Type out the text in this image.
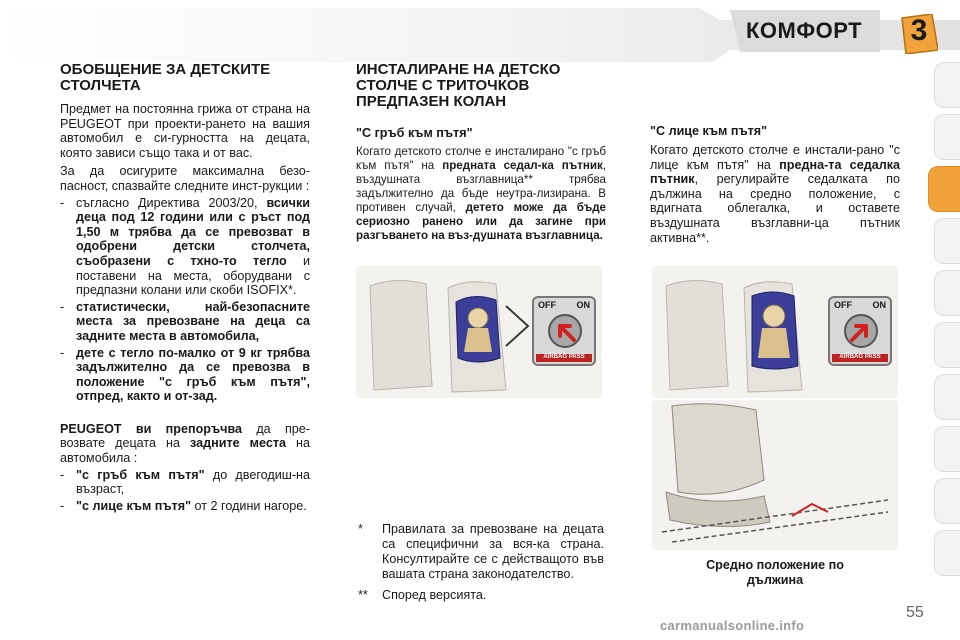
КОМФОРТ 3
ОБОБЩЕНИЕ ЗА ДЕТСКИТЕ СТОЛЧЕТА

Предмет на постоянна грижа от страна на PEUGEOT при проекти-рането на вашия автомобил е си-гурността на децата, която зависи също така и от вас.

За да осигурите максимална безо-пасност, спазвайте следните инст-рукции :

- съгласно Директива 2003/20, всички деца под 12 години или с ръст под 1,50 м трябва да се превозват в одобрени детски столчета, съобразени с тхно-то тегло и поставени на места, оборудвани с предпазни колани или скоби ISOFIX*.
- статистически, най-безопасните места за превозване на деца са задните места в автомобила,
- дете с тегло по-малко от 9 кг трябва задължително да се превозва в положение "с гръб към пътя", отпред, както и от-зад.

PEUGEOT ви препоръчва да пре-возвате децата на задните места на автомобила :

- "с гръб към пътя" до двегодиш-на възраст,
- "с лице към пътя" от 2 години нагоре.
ИНСТАЛИРАНЕ НА ДЕТСКО СТОЛЧЕ С ТРИТОЧКОВ ПРЕДПАЗЕН КОЛАН
"С гръб към пътя"

Когато детското столче е инсталирано "с гръб към пътя" на предната седал-ка пътник, въздушната възглавница** трябва задължително да бъде неутра-лизирана. В противен случай, детето може да бъде сериозно ранено или да загине при разгъването на въз-душната възглавница.

OFF ON
AIRBAG PASS
* Правилата за превозване на децата са специфични за вся-ка страна. Консултирайте се с действащото във вашата страна законодателство.
** Според версията.
"С лице към пътя"

Когато детското столче е инстали-рано "с лице към пътя" на предна-та седалка пътник, регулирайте седалката по дължина на средно положение, с вдигната облегалка, и оставете въздушната възглавни-ца пътник активна**.

OFF ON
AIRBAG PASS
Средно положение по дължина
55
carmanualsonline.info
